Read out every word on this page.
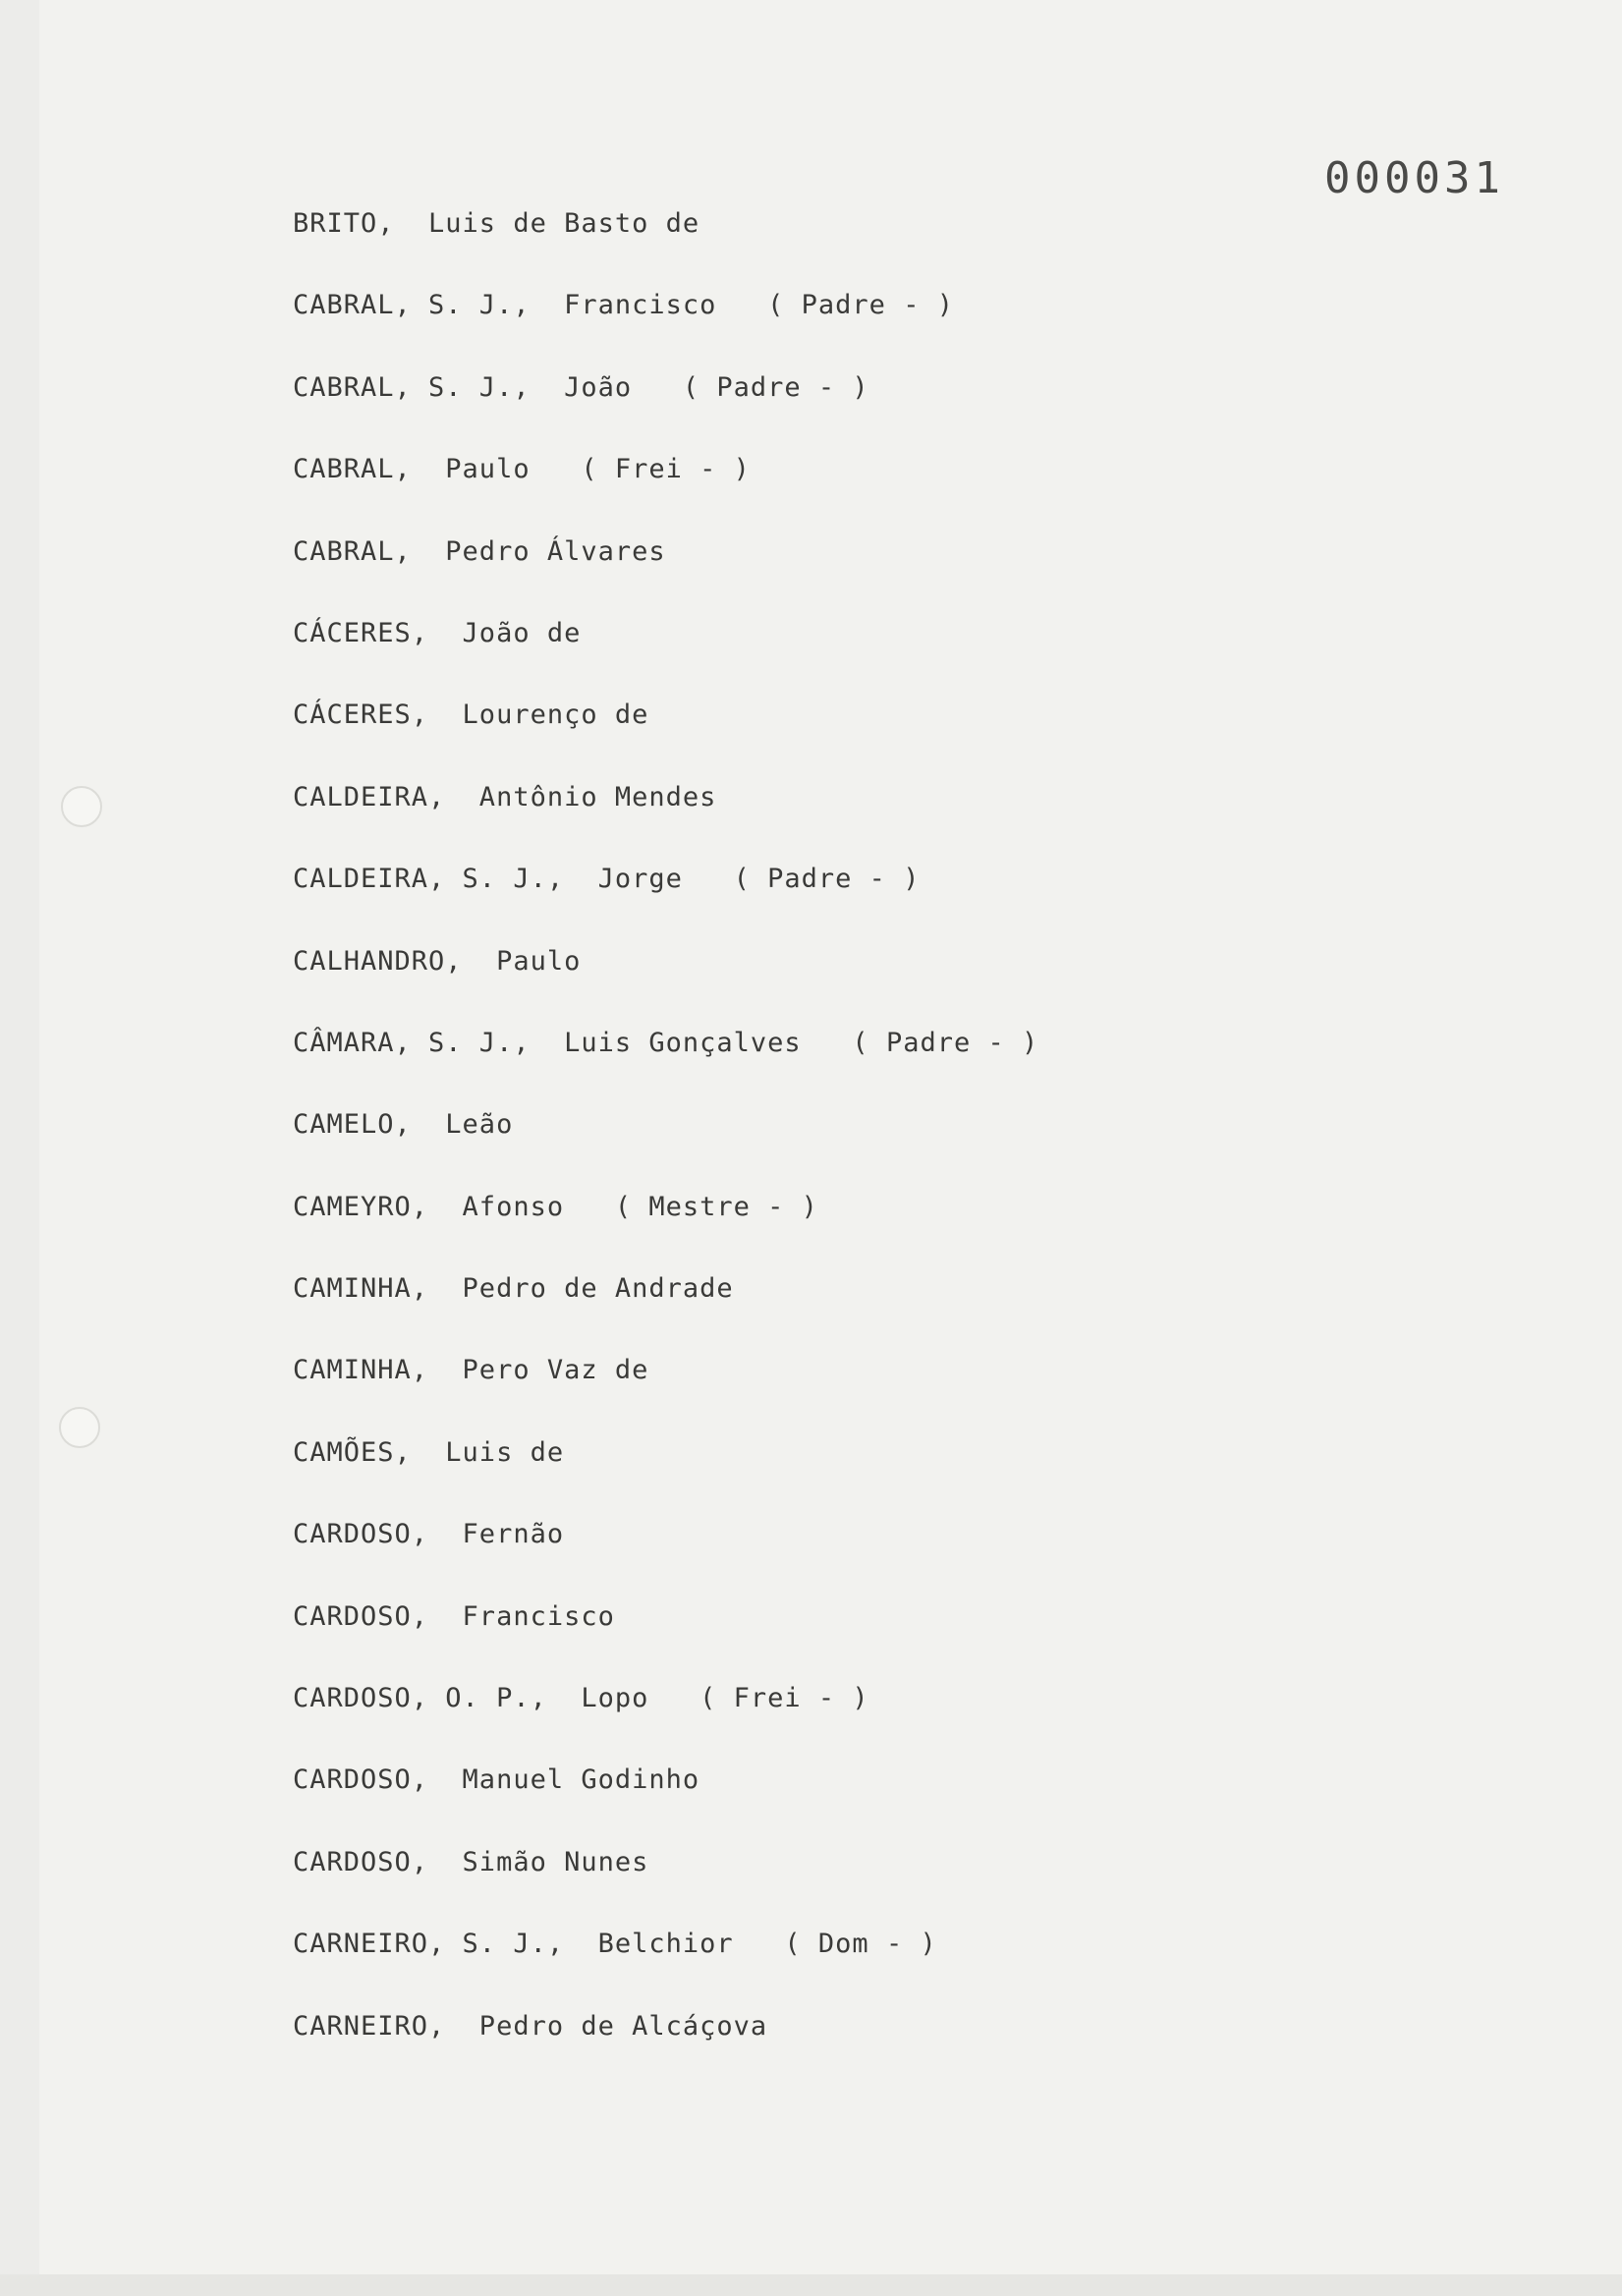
000031
BRITO,  Luis de Basto de
CABRAL, S. J.,  Francisco   ( Padre - )
CABRAL, S. J.,  João   ( Padre - )
CABRAL,  Paulo   ( Frei - )
CABRAL,  Pedro Álvares
CÁCERES,  João de
CÁCERES,  Lourenço de
CALDEIRA,  Antônio Mendes
CALDEIRA, S. J.,  Jorge   ( Padre - )
CALHANDRO,  Paulo
CÂMARA, S. J.,  Luis Gonçalves   ( Padre - )
CAMELO,  Leão
CAMEYRO,  Afonso   ( Mestre - )
CAMINHA,  Pedro de Andrade
CAMINHA,  Pero Vaz de
CAMÕES,  Luis de
CARDOSO,  Fernão
CARDOSO,  Francisco
CARDOSO, O. P.,  Lopo   ( Frei - )
CARDOSO,  Manuel Godinho
CARDOSO,  Simão Nunes
CARNEIRO, S. J.,  Belchior   ( Dom - )
CARNEIRO,  Pedro de Alcáçova
